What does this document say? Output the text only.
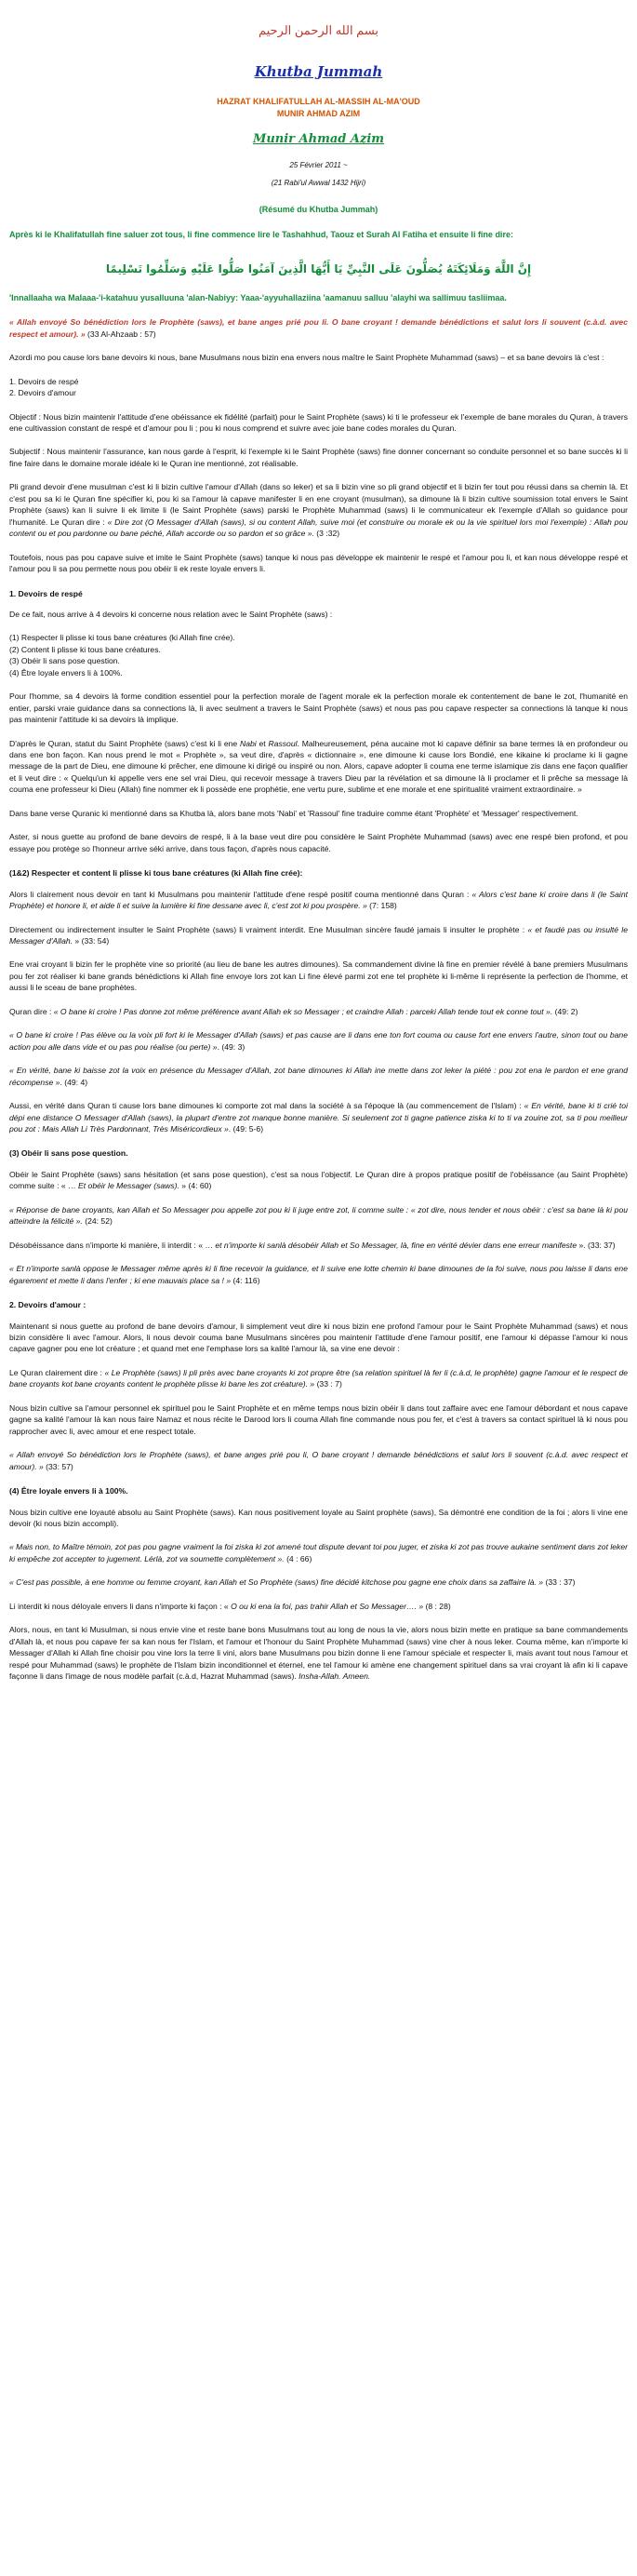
بسم الله الرحمن الرحيم
Khutba Jummah
HAZRAT KHALIFATULLAH AL-MASSIH AL-MA'OUD
MUNIR AHMAD AZIM
Munir Ahmad Azim
25 Février 2011 ~
(21 Rabi'ul Awwal 1432 Hijri)
(Résumé du Khutba Jummah)
Après ki le Khalifatullah fine saluer zot tous, li fine commence lire le Tashahhud, Taouz et Surah Al Fatiha et ensuite li fine dire:
إِنَّ اللَّهَ وَمَلَائِكَتَهُ يُصَلُّونَ عَلَى النَّبِيِّ يَا أَيُّهَا الَّذِينَ آمَنُوا صَلُّوا عَلَيْهِ وَسَلِّمُوا تَسْلِيمًا

'Innallaaha wa Malaaa-'i-katahuu yusalluuna 'alan-Nabiyy: Yaaa-'ayyuhallaziina 'aamanuu salluu 'alayhi wa sallimuu tasliimaa.

« Allah envoyé So bénédiction lors le Prophète (saws), et bane anges prié pou li. O bane croyant ! demande bénédictions et salut lors li souvent (c.à.d. avec respect et amour). » (33 Al-Ahzaab : 57)

Azordi mo pou cause lors bane devoirs ki nous, bane Musulmans nous bizin ena envers nous maître le Saint Prophète Muhammad (saws) – et sa bane devoirs là c'est :

1. Devoirs de respé

2. Devoirs d'amour

Objectif : Nous bizin maintenir l'attitude d'ene obéissance ek fidélité (parfait) pour le Saint Prophète (saws) ki ti le professeur ek l'exemple de bane morales du Quran, à travers ene cultivassion constant de respé et d'amour pou li ; pou ki nous comprend et suivre avec joie bane codes morales du Quran.

Subjectif : Nous maintenir l'assurance, kan nous garde à l'esprit, ki l'exemple ki le Saint Prophète (saws) fine donner concernant so conduite personnel et so bane succès ki li fine faire dans le domaine morale idéale ki le Quran ine mentionné, zot réalisable.

Pli grand devoir d'ene musulman c'est ki li bizin cultive l'amour d'Allah (dans so leker) et sa li bizin vine so pli grand objectif et li bizin fer tout pou réussi dans sa chemin là. Et c'est pou sa ki le Quran fine spécifier ki, pou ki sa l'amour là capave manifester li en ene croyant (musulman), sa dimoune là li bizin cultive soumission total envers le Saint Prophète (saws) kan li suivre li ek limite li (le Saint Prophète (saws) parski le Prophète Muhammad (saws) li le communicateur ek l'exemple d'Allah so guidance pour l'humanité. Le Quran dire : « Dire zot (O Messager d'Allah (saws), si ou content Allah, suive moi (et construire ou morale ek ou la vie spirituel lors moi l'exemple) : Allah pou content ou et pou pardonne ou bane péché, Allah accorde ou so pardon et so grâce ». (3 :32)

Toutefois, nous pas pou capave suive et imite le Saint Prophète (saws) tanque ki nous pas développe ek maintenir le respé et l'amour pou li, et kan nous développe respé et l'amour pou li sa pou permette nous pou obéir li ek reste loyale envers li.

1. Devoirs de respé

De ce fait, nous arrive à 4 devoirs ki concerne nous relation avec le Saint Prophète (saws) :

(1) Respecter li plisse ki tous bane créatures (ki Allah fine crée).

(2) Content li plisse ki tous bane créatures.

(3) Obéir li sans pose question.

(4) Être loyale envers li à 100%.

Pour l'homme, sa 4 devoirs là forme condition essentiel pour la perfection morale de l'agent morale ek la perfection morale ek contentement de bane le zot, l'humanité en entier, parski vraie guidance dans sa connections là, li avec seulment a travers le Saint Prophète (saws) et nous pas pou capave respecter sa connections là tanque ki nous pas maintenir l'attitude ki sa devoirs là implique.

D'après le Quran, statut du Saint Prophète (saws) c'est ki li ene Nabi et Rassoul. Malheureusement, péna aucaine mot ki capave définir sa bane termes là en profondeur ou dans ene bon façon. Kan nous prend le mot « Prophète », sa veut dire, d'après « dictionnaire », ene dimoune ki cause lors Bondié, ene kikaine ki proclame ki li gagne message de la part de Dieu, ene dimoune ki prêcher, ene dimoune ki dirigé ou inspiré ou non. Alors, capave adopter li couma ene terme islamique zis dans ene façon qualifier et li veut dire : « Quelqu'un ki appelle vers ene sel vrai Dieu, qui recevoir message à travers Dieu par la révélation et sa dimoune là li proclamer et li prêche sa message là couma ene professeur ki Dieu (Allah) fine nommer ek li possède ene prophétie, ene vertu pure, sublime et ene morale et ene spiritualité vraiment extraordinaire. »

Dans bane verse Quranic ki mentionné dans sa Khutba là, alors bane mots 'Nabi' et 'Rassoul' fine traduire comme étant 'Prophète' et 'Messager' respectivement.

Aster, si nous guette au profond de bane devoirs de respé, li à la base veut dire pou considère le Saint Prophète Muhammad (saws) avec ene respé bien profond, et pou essaye pou protège so l'honneur arrive séki arrive, dans tous façon, d'après nous capacité.

(1&2) Respecter et content li plisse ki tous bane créatures (ki Allah fine crée):

Alors li clairement nous devoir en tant ki Musulmans pou maintenir l'attitude d'ene respé positif couma mentionné dans Quran : « Alors c'est bane ki croire dans li (le Saint Prophète) et honore li, et aide li et suive la lumière ki fine dessane avec li, c'est zot ki pou prospère. » (7: 158)

Directement ou indirectement insulter le Saint Prophète (saws) li vraiment interdit. Ene Musulman sincère faudé jamais li insulter le prophète : « et faudé pas ou insulté le Messager d'Allah. » (33: 54)

Ene vrai croyant li bizin fer le prophète vine so priorité (au lieu de bane les autres dimounes). Sa commandement divine là fine en premier révélé à bane premiers Musulmans pou fer zot réaliser ki bane grands bénédictions ki Allah fine envoye lors zot kan Li fine élevé parmi zot ene tel prophète ki li-même li représente la perfection de l'homme, et aussi li le sceau de bane prophètes.

Quran dire : « O bane ki croire ! Pas donne zot même préférence avant Allah ek so Messager ; et craindre Allah : parceki Allah tende tout ek conne tout ». (49: 2)

« O bane ki croire ! Pas élève ou la voix pli fort ki le Messager d'Allah (saws) et pas cause are li dans ene ton fort couma ou cause fort ene envers l'autre, sinon tout ou bane action pou alle dans vide et ou pas pou réalise (ou perte) ». (49: 3)

« En vérité, bane ki baisse zot la voix en présence du Messager d'Allah, zot bane dimounes ki Allah ine mette dans zot leker la piété : pou zot ena le pardon et ene grand récompense ». (49: 4)

Aussi, en vérité dans Quran ti cause lors bane dimounes ki comporte zot mal dans la société à sa l'époque là (au commencement de l'Islam) : « En vérité, bane ki ti crié toi dépi ene distance O Messager d'Allah (saws), la plupart d'entre zot manque bonne manière. Si seulement zot ti gagne patience ziska ki to ti va zouine zot, sa ti pou meilleur pou zot : Mais Allah Li Très Pardonnant, Très Miséricordieux ». (49: 5-6)

(3) Obéir li sans pose question.

Obéir le Saint Prophète (saws) sans hésitation (et sans pose question), c'est sa nous l'objectif. Le Quran dire à propos pratique positif de l'obéissance (au Saint Prophète) comme suite : « … Et obéir le Messager (saws). » (4: 60)

« Réponse de bane croyants, kan Allah et So Messager pou appelle zot pou ki li juge entre zot, li comme suite : « zot dire, nous tender et nous obéir : c'est sa bane là ki pou atteindre la félicité ». (24: 52)

Désobéissance dans n'importe ki manière, li interdit : « … et n'importe ki sanlà désobéir Allah et So Messager, là, fine en vérité dévier dans ene erreur manifeste ». (33: 37)

« Et n'importe sanlà oppose le Messager même après ki li fine recevoir la guidance, et li suive ene lotte chemin ki bane dimounes de la foi suive, nous pou laisse li dans ene égarement et mette li dans l'enfer ; ki ene mauvais place sa ! » (4: 116)

2. Devoirs d'amour :

Maintenant si nous guette au profond de bane devoirs d'amour, li simplement veut dire ki nous bizin ene profond l'amour pour le Saint Prophète Muhammad (saws) et nous bizin considère li avec l'amour. Alors, li nous devoir couma bane Musulmans sincères pou maintenir l'attitude d'ene l'amour positif, ene l'amour ki dépasse l'amour ki nous capave gagner pou ene lot créature ; et quand met ene l'emphase lors sa kalité l'amour là, sa vine ene devoir :

Le Quran clairement dire : « Le Prophète (saws) li pli près avec bane croyants ki zot propre être (sa relation spirituel là fer li (c.à.d, le prophète) gagne l'amour et le respect de bane croyants kot bane croyants content le prophète plisse ki bane les zot créature). » (33 : 7)

Nous bizin cultive sa l'amour personnel ek spirituel pou le Saint Prophète et en même temps nous bizin obéir li dans tout zaffaire avec ene l'amour débordant et nous capave gagne sa kalité l'amour là kan nous faire Namaz et nous récite le Darood lors li couma Allah fine commande nous pou fer, et c'est à travers sa contact spirituel là ki nous pou rapprocher avec li, avec amour et ene respect totale.

« Allah envoyé So bénédiction lors le Prophète (saws), et bane anges prié pou li, O bane croyant ! demande bénédictions et salut lors li souvent (c.à.d. avec respect et amour). » (33: 57)

(4) Être loyale envers li à 100%.

Nous bizin cultive ene loyauté absolu au Saint Prophète (saws). Kan nous positivement loyale au Saint prophète (saws), Sa démontré ene condition de la foi ; alors li vine ene devoir (ki nous bizin accompli).

« Mais non, to Maître témoin, zot pas pou gagne vraiment la foi ziska ki zot amené tout dispute devant toi pou juger, et ziska ki zot pas trouve aukaine sentiment dans zot leker ki empêche zot accepter to jugement. Lérlà, zot va soumette complètement ». (4 : 66)

« C'est pas possible, à ene homme ou femme croyant, kan Allah et So Prophète (saws) fine décidé kitchose pou gagne ene choix dans sa zaffaire là. » (33 : 37)

Li interdit ki nous déloyale envers li dans n'importe ki façon : « O ou ki ena la foi, pas trahir Allah et So Messager…. » (8 : 28)

Alors, nous, en tant ki Musulman, si nous envie vine et reste bane bons Musulmans tout au long de nous la vie, alors nous bizin mette en pratique sa bane commandements d'Allah là, et nous pou capave fer sa kan nous fer l'Islam, et l'amour et l'honour du Saint Prophète Muhammad (saws) vine cher à nous leker. Couma même, kan n'importe ki Messager d'Allah ki Allah fine choisir pou vine lors la terre li vini, alors bane Musulmans pou bizin donne li ene l'amour spéciale et respecter li, mais avant tout nous l'amour et respé pour Muhammad (saws) le prophète de l'Islam bizin inconditionnel et éternel, ene tel l'amour ki amène ene changement spirituel dans sa vrai croyant là afin ki li capave façonne li dans l'image de nous modèle parfait (c.à.d, Hazrat Muhammad (saws). Insha-Allah. Ameen.
